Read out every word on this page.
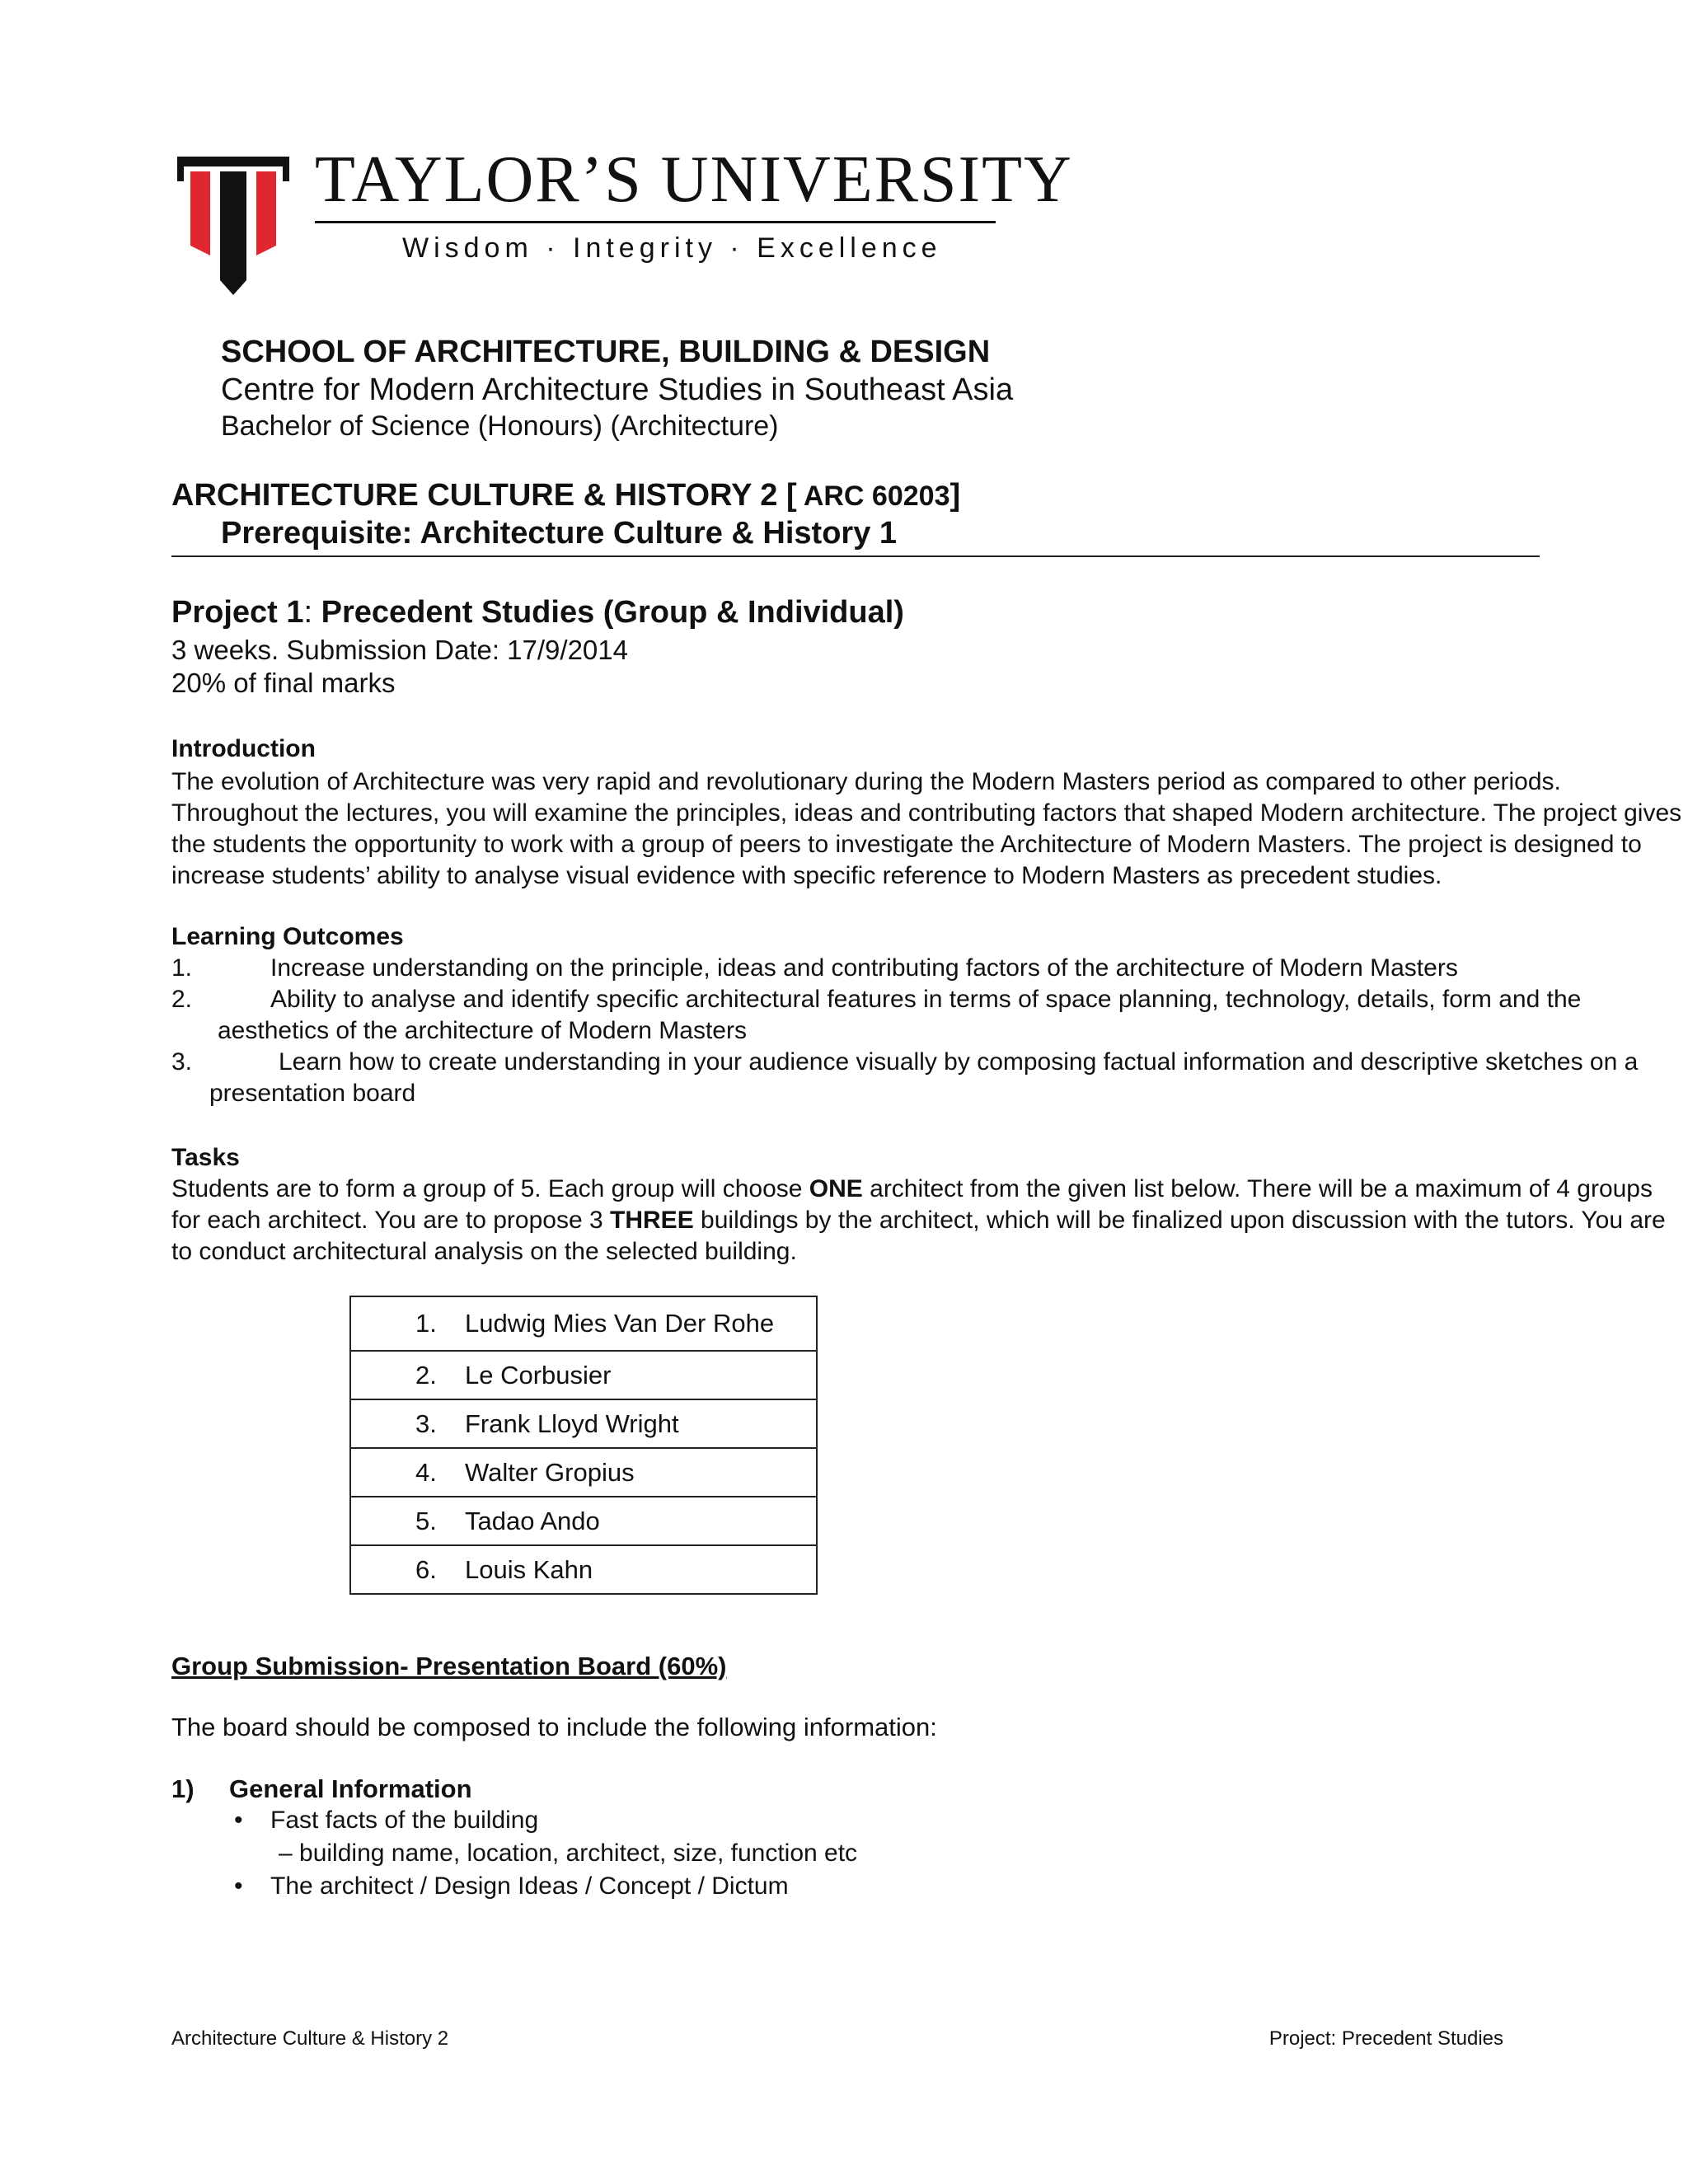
TAYLOR’S UNIVERSITY
Wisdom · Integrity · Excellence
SCHOOL OF ARCHITECTURE, BUILDING & DESIGN
Centre for Modern Architecture Studies in Southeast Asia
Bachelor of Science (Honours) (Architecture)
ARCHITECTURE CULTURE & HISTORY 2 [ ARC 60203]
Prerequisite: Architecture Culture & History 1
Project 1: Precedent Studies (Group & Individual)
3 weeks. Submission Date: 17/9/2014
20% of final marks
Introduction
The evolution of Architecture was very rapid and revolutionary during the Modern Masters period as compared to other periods.
Throughout the lectures, you will examine the principles, ideas and contributing factors that shaped Modern architecture. The project gives
the students the opportunity to work with a group of peers to investigate the Architecture of Modern Masters. The project is designed to
increase students’ ability to analyse visual evidence with specific reference to Modern Masters as precedent studies.
Learning Outcomes
1.	Increase understanding on the principle, ideas and contributing factors of the architecture of Modern Masters
2.	Ability to analyse and identify specific architectural features in terms of space planning, technology, details, form and the
aesthetics of the architecture of Modern Masters
3.	Learn how to create understanding in your audience visually by composing factual information and descriptive sketches on a
presentation board
Tasks
Students are to form a group of 5. Each group will choose ONE architect from the given list below. There will be a maximum of 4 groups
for each architect. You are to propose 3 THREE buildings by the architect, which will be finalized upon discussion with the tutors. You are
to conduct architectural analysis on the selected building.
1.	Ludwig Mies Van Der Rohe
2.	Le Corbusier
3.	Frank Lloyd Wright
4.	Walter Gropius
5.	Tadao Ando
6.	Louis Kahn
Group Submission- Presentation Board (60%)
The board should be composed to include the following information:
1) General Information
• Fast facts of the building
– building name, location, architect, size, function etc
• The architect / Design Ideas / Concept / Dictum
Architecture Culture & History 2	Project: Precedent Studies
